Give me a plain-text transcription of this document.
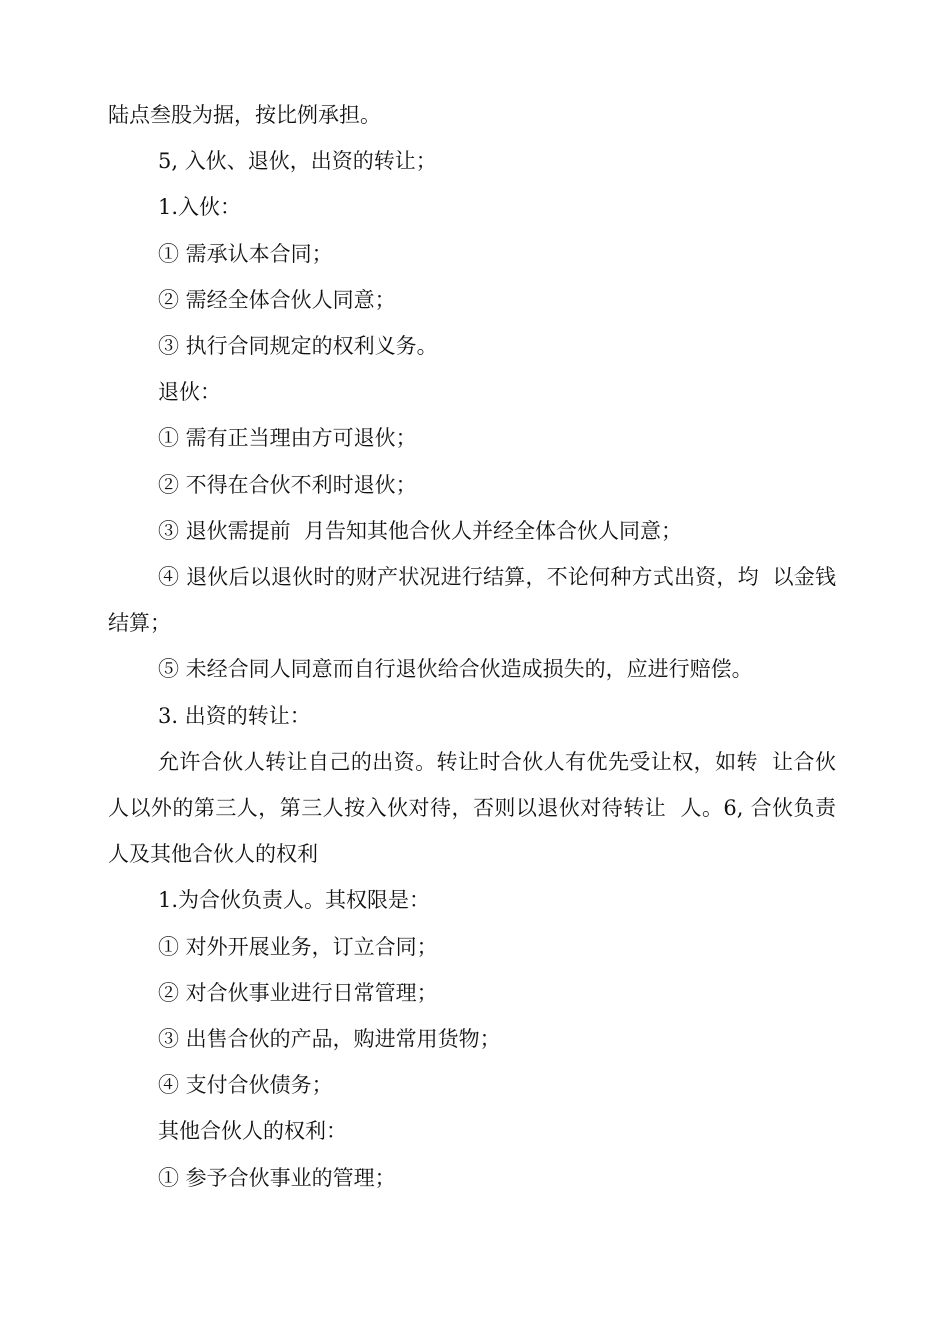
陆点叁股为据，按比例承担。

5, 入伙、退伙，出资的转让；

1.入伙：

① 需承认本合同；

② 需经全体合伙人同意；

③ 执行合同规定的权利义务。

退伙：

① 需有正当理由方可退伙；

② 不得在合伙不利时退伙；

③ 退伙需提前  月告知其他合伙人并经全体合伙人同意；

④ 退伙后以退伙时的财产状况进行结算，不论何种方式出资，均  以金钱结算；

⑤ 未经合同人同意而自行退伙给合伙造成损失的，应进行赔偿。

3. 出资的转让：

允许合伙人转让自己的出资。转让时合伙人有优先受让权，如转  让合伙人以外的第三人，第三人按入伙对待，否则以退伙对待转让  人。6, 合伙负责人及其他合伙人的权利

1.为合伙负责人。其权限是：

① 对外开展业务，订立合同；

② 对合伙事业进行日常管理；

③ 出售合伙的产品，购进常用货物；

④ 支付合伙债务；

其他合伙人的权利：

① 参予合伙事业的管理；
